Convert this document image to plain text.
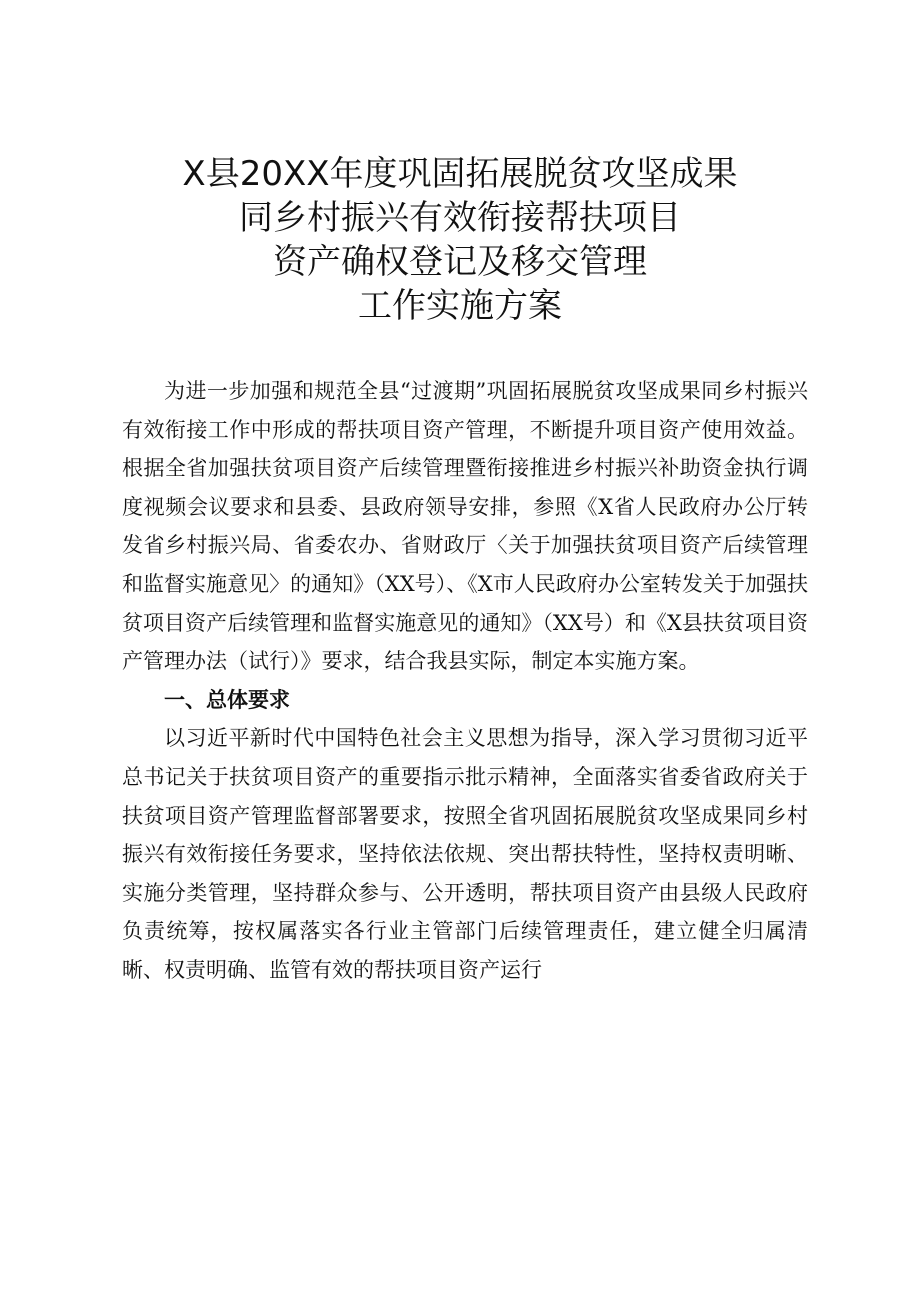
X县20XX年度巩固拓展脱贫攻坚成果
同乡村振兴有效衔接帮扶项目
资产确权登记及移交管理
工作实施方案

为进一步加强和规范全县“过渡期”巩固拓展脱贫攻坚成果同乡村振兴有效衔接工作中形成的帮扶项目资产管理，不断提升项目资产使用效益。根据全省加强扶贫项目资产后续管理暨衔接推进乡村振兴补助资金执行调度视频会议要求和县委、县政府领导安排，参照《X省人民政府办公厅转发省乡村振兴局、省委农办、省财政厅〈关于加强扶贫项目资产后续管理和监督实施意见〉的通知》（XX号）、《X市人民政府办公室转发关于加强扶贫项目资产后续管理和监督实施意见的通知》（XX号）和《X县扶贫项目资产管理办法（试行）》要求，结合我县实际，制定本实施方案。

一、总体要求

以习近平新时代中国特色社会主义思想为指导，深入学习贯彻习近平总书记关于扶贫项目资产的重要指示批示精神，全面落实省委省政府关于扶贫项目资产管理监督部署要求，按照全省巩固拓展脱贫攻坚成果同乡村振兴有效衔接任务要求，坚持依法依规、突出帮扶特性，坚持权责明晰、实施分类管理，坚持群众参与、公开透明，帮扶项目资产由县级人民政府负责统筹，按权属落实各行业主管部门后续管理责任，建立健全归属清晰、权责明确、监管有效的帮扶项目资产运行
